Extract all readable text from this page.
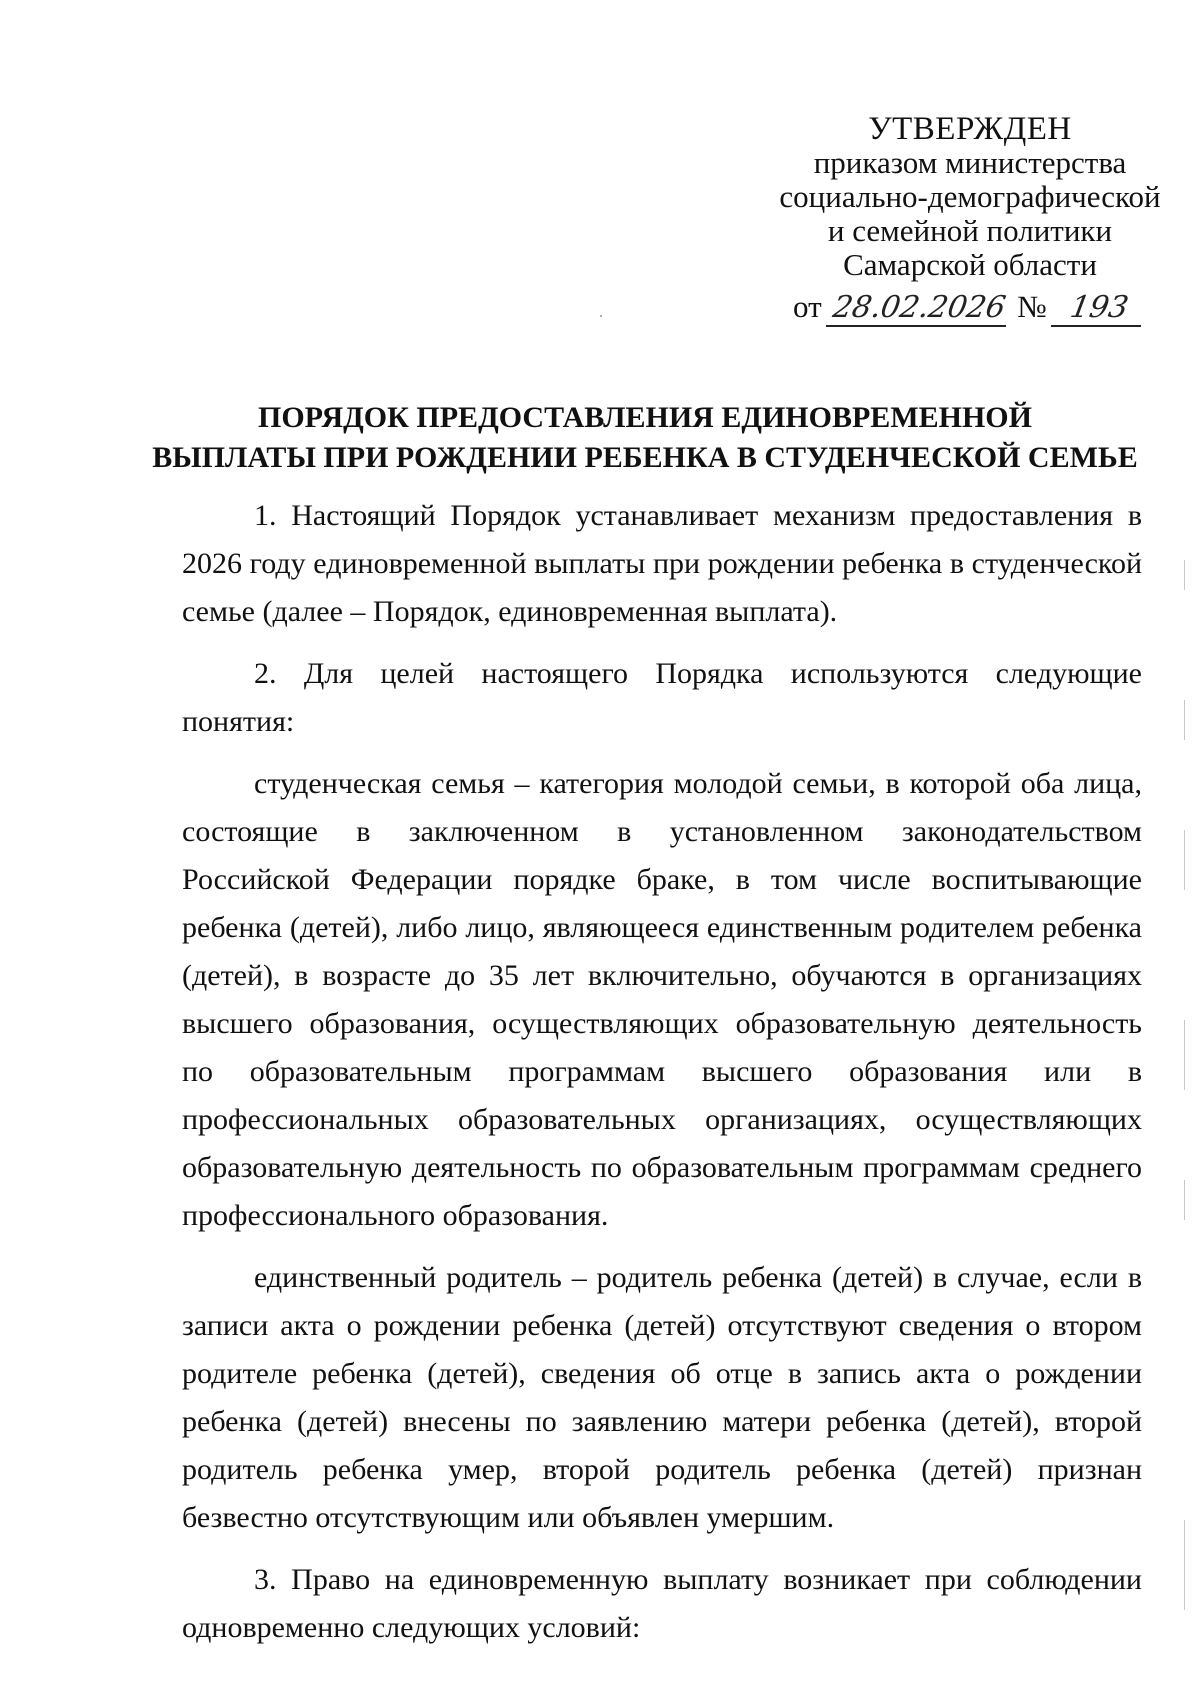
УТВЕРЖДЕН
приказом министерства
социально-демографической
и семейной политики
Самарской области
от 28.02.2026 № 193
ПОРЯДОК ПРЕДОСТАВЛЕНИЯ ЕДИНОВРЕМЕННОЙ
ВЫПЛАТЫ ПРИ РОЖДЕНИИ РЕБЕНКА В СТУДЕНЧЕСКОЙ СЕМЬЕ

1. Настоящий Порядок устанавливает механизм предоставления в 2026 году единовременной выплаты при рождении ребенка в студенческой семье (далее – Порядок, единовременная выплата).

2. Для целей настоящего Порядка используются следующие понятия:

студенческая семья – категория молодой семьи, в которой оба лица, состоящие в заключенном в установленном законодательством Российской Федерации порядке браке, в том числе воспитывающие ребенка (детей), либо лицо, являющееся единственным родителем ребенка (детей), в возрасте до 35 лет включительно, обучаются в организациях высшего образования, осуществляющих образовательную деятельность по образовательным программам высшего образования или в профессиональных образовательных организациях, осуществляющих образовательную деятельность по образовательным программам среднего профессионального образования.

единственный родитель – родитель ребенка (детей) в случае, если в записи акта о рождении ребенка (детей) отсутствуют сведения о втором родителе ребенка (детей), сведения об отце в запись акта о рождении ребенка (детей) внесены по заявлению матери ребенка (детей), второй родитель ребенка умер, второй родитель ребенка (детей) признан безвестно отсутствующим или объявлен умершим.

3. Право на единовременную выплату возникает при соблюдении одновременно следующих условий:
